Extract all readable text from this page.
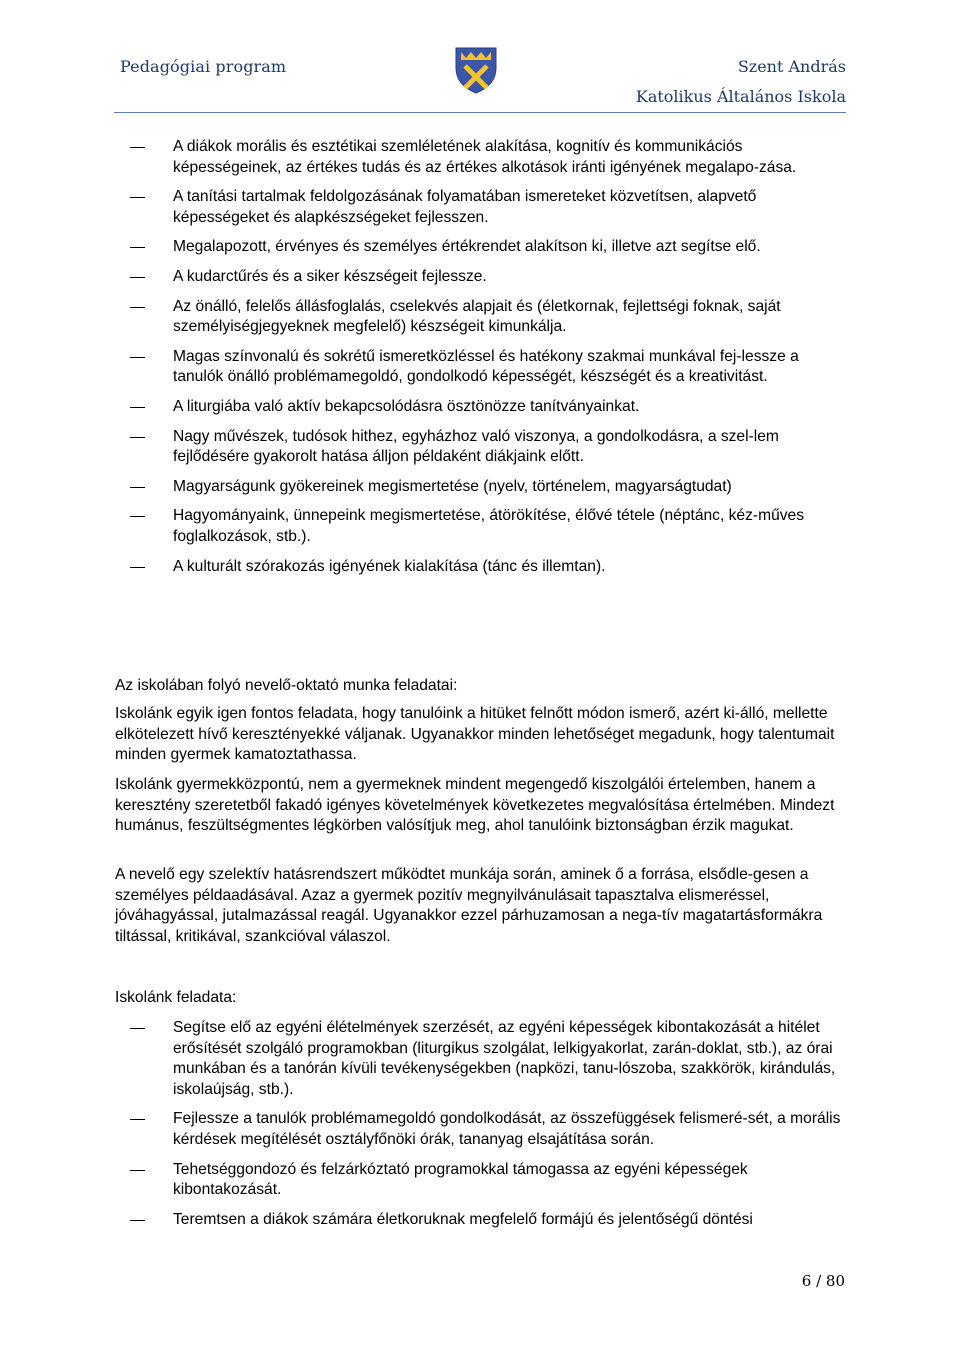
Pedagógiai program	Szent András
Katolikus Általános Iskola
A diákok morális és esztétikai szemléletének alakítása, kognitív és kommunikációs képességeinek, az értékes tudás és az értékes alkotások iránti igényének megalapo-zása.
A tanítási tartalmak feldolgozásának folyamatában ismereteket közvetítsen, alapvető képességeket és alapkészségeket fejlesszen.
Megalapozott, érvényes és személyes értékrendet alakítson ki, illetve azt segítse elő.
A kudarctűrés és a siker készségeit fejlessze.
Az önálló, felelős állásfoglalás, cselekvés alapjait és (életkornak, fejlettségi foknak, saját személyiségjegyeknek megfelelő) készségeit kimunkálja.
Magas színvonalú és sokrétű ismeretközléssel és hatékony szakmai munkával fej-lessze a tanulók önálló problémamegoldó, gondolkodó képességét, készségét és a kreativitást.
A liturgiába való aktív bekapcsolódásra ösztönözze tanítványainkat.
Nagy művészek, tudósok hithez, egyházhoz való viszonya, a gondolkodásra, a szel-lem fejlődésére gyakorolt hatása álljon példaként diákjaink előtt.
Magyarságunk gyökereinek megismertetése (nyelv, történelem, magyarságtudat)
Hagyományaink, ünnepeink megismertetése, átörökítése, élővé tétele (néptánc, kéz-műves foglalkozások, stb.).
A kulturált szórakozás igényének kialakítása (tánc és illemtan).

Az iskolában folyó nevelő-oktató munka feladatai:

Iskolánk egyik igen fontos feladata, hogy tanulóink a hitüket felnőtt módon ismerő, azért ki-álló, mellette elkötelezett hívő keresztényekké váljanak. Ugyanakkor minden lehetőséget megadunk, hogy talentumait minden gyermek kamatoztathassa.

Iskolánk gyermekközpontú, nem a gyermeknek mindent megengedő kiszolgálói értelemben, hanem a keresztény szeretetből fakadó igényes követelmények következetes megvalósítása értelmében. Mindezt humánus, feszültségmentes légkörben valósítjuk meg, ahol tanulóink biztonságban érzik magukat.

A nevelő egy szelektív hatásrendszert működtet munkája során, aminek ő a forrása, elsődle-gesen a személyes példaadásával. Azaz a gyermek pozitív megnyilvánulásait tapasztalva elismeréssel, jóváhagyással, jutalmazással reagál. Ugyanakkor ezzel párhuzamosan a nega-tív magatartásformákra tiltással, kritikával, szankcióval válaszol.

Iskolánk feladata:

Segítse elő az egyéni élételmények szerzését, az egyéni képességek kibontakozását a hitélet erősítését szolgáló programokban (liturgikus szolgálat, lelkigyakorlat, zarán-doklat, stb.), az órai munkában és a tanórán kívüli tevékenységekben (napközi, tanu-lószoba, szakkörök, kirándulás, iskolaújság, stb.).
Fejlessze a tanulók problémamegoldó gondolkodását, az összefüggések felismeré-sét, a morális kérdések megítélését osztályfőnöki órák, tananyag elsajátítása során.
Tehetséggondozó és felzárkóztató programokkal támogassa az egyéni képességek kibontakozását.
Teremtsen a diákok számára életkoruknak megfelelő formájú és jelentőségű döntési
6 / 80
